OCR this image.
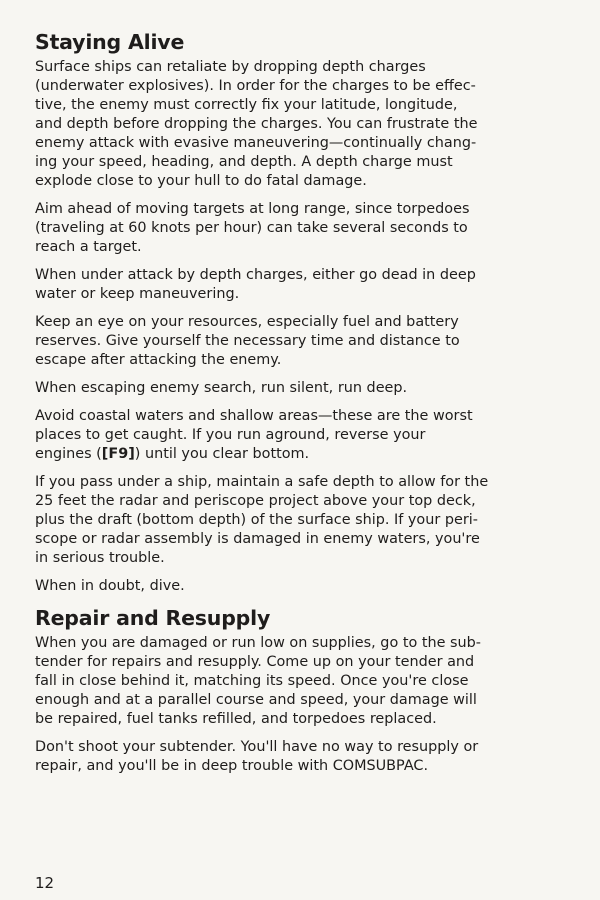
Staying Alive
Surface ships can retaliate by dropping depth charges
(underwater explosives). In order for the charges to be effec-
tive, the enemy must correctly fix your latitude, longitude,
and depth before dropping the charges. You can frustrate the
enemy attack with evasive maneuvering—continually chang-
ing your speed, heading, and depth. A depth charge must
explode close to your hull to do fatal damage.
Aim ahead of moving targets at long range, since torpedoes
(traveling at 60 knots per hour) can take several seconds to
reach a target.
When under attack by depth charges, either go dead in deep
water or keep maneuvering.
Keep an eye on your resources, especially fuel and battery
reserves. Give yourself the necessary time and distance to
escape after attacking the enemy.
When escaping enemy search, run silent, run deep.
Avoid coastal waters and shallow areas—these are the worst
places to get caught. If you run aground, reverse your
engines ([F9]) until you clear bottom.
If you pass under a ship, maintain a safe depth to allow for the
25 feet the radar and periscope project above your top deck,
plus the draft (bottom depth) of the surface ship. If your peri-
scope or radar assembly is damaged in enemy waters, you're
in serious trouble.
When in doubt, dive.
Repair and Resupply
When you are damaged or run low on supplies, go to the sub-
tender for repairs and resupply. Come up on your tender and
fall in close behind it, matching its speed. Once you're close
enough and at a parallel course and speed, your damage will
be repaired, fuel tanks refilled, and torpedoes replaced.
Don't shoot your subtender. You'll have no way to resupply or
repair, and you'll be in deep trouble with COMSUBPAC.
12
